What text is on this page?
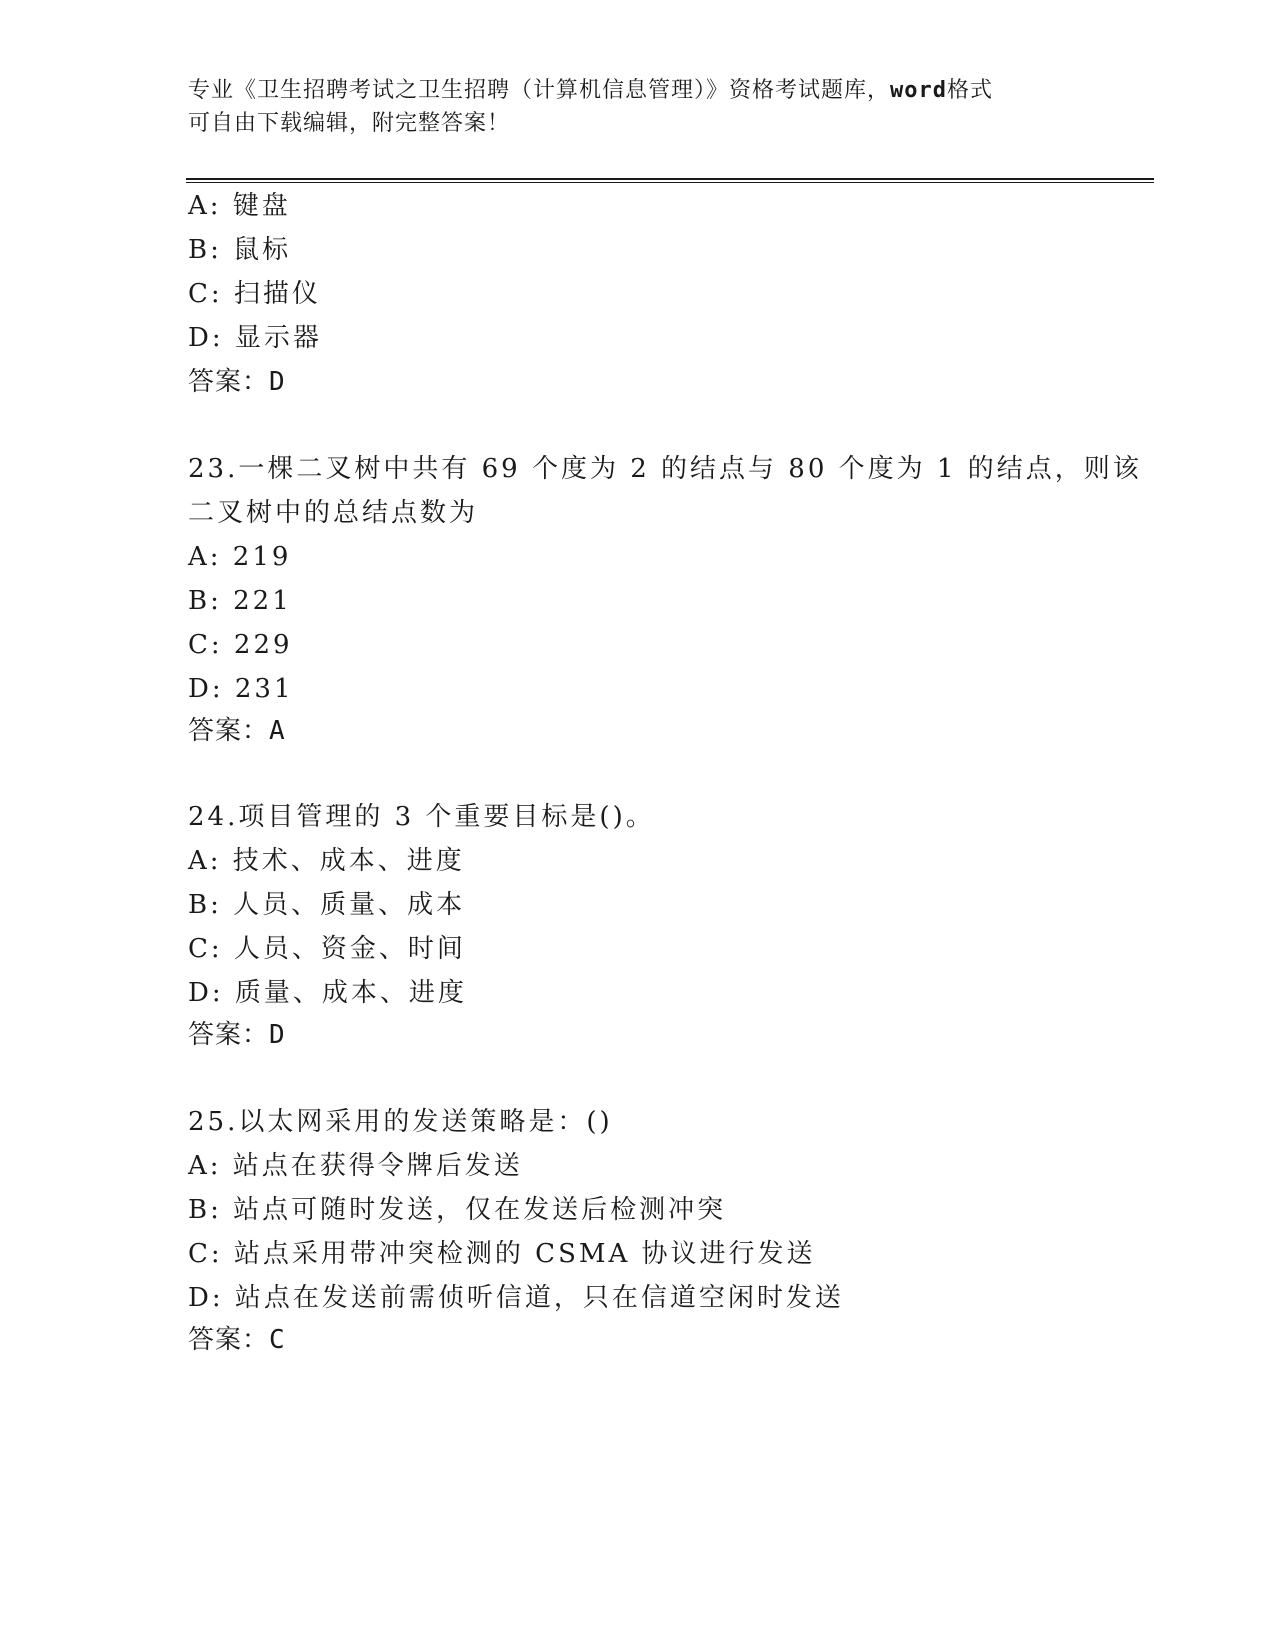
专业《卫生招聘考试之卫生招聘（计算机信息管理）》资格考试题库，word格式
可自由下载编辑，附完整答案！
A: 键盘
B: 鼠标
C: 扫描仪
D: 显示器
答案：D
23.一棵二叉树中共有 69 个度为 2 的结点与 80 个度为 1 的结点，则该
二叉树中的总结点数为
A: 219
B: 221
C: 229
D: 231
答案：A
24.项目管理的 3 个重要目标是()。
A: 技术、成本、进度
B: 人员、质量、成本
C: 人员、资金、时间
D: 质量、成本、进度
答案：D
25.以太网采用的发送策略是：()
A: 站点在获得令牌后发送
B: 站点可随时发送，仅在发送后检测冲突
C: 站点采用带冲突检测的 CSMA 协议进行发送
D: 站点在发送前需侦听信道，只在信道空闲时发送
答案：C
